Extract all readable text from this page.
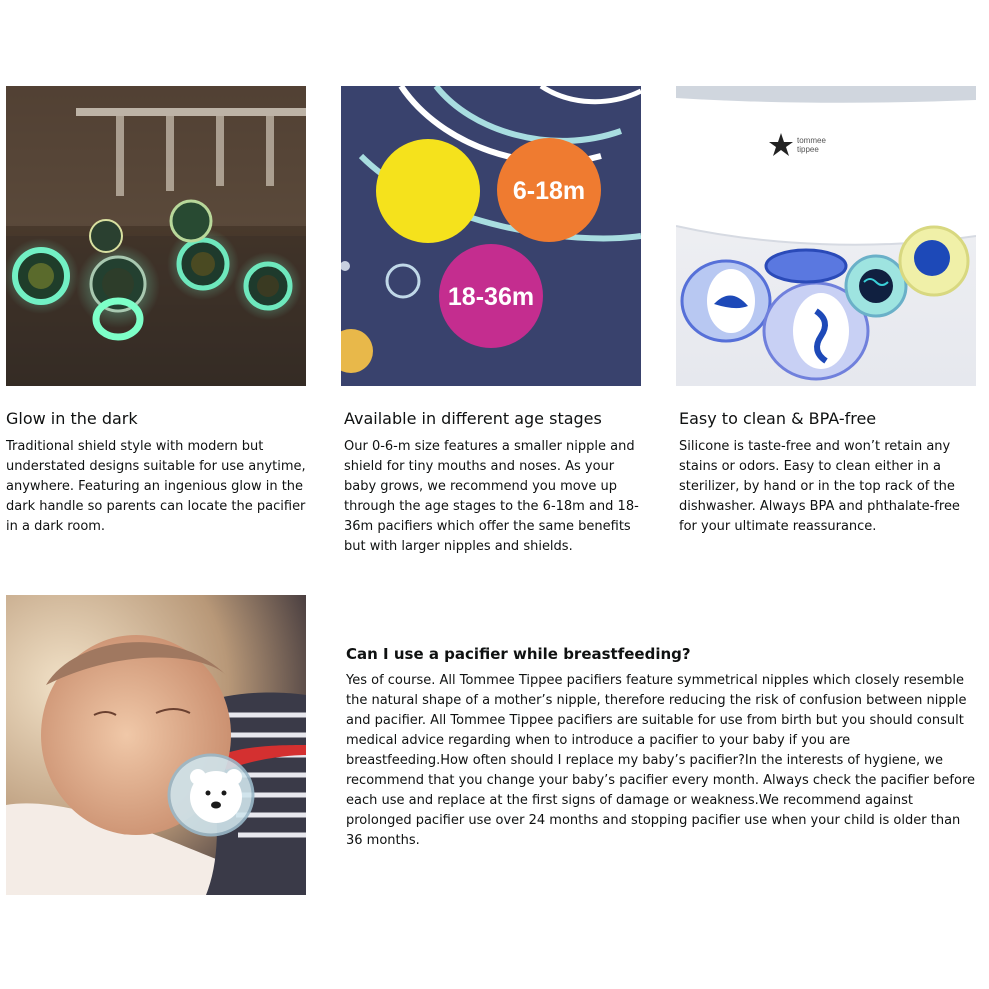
6-18m
18-36m
tommee
tippee
Glow in the dark

Traditional shield style with modern but understated designs suitable for use anytime, anywhere. Featuring an ingenious glow in the dark handle so parents can locate the pacifier in a dark room.

Available in different age stages

Our 0-6-m size features a smaller nipple and shield for tiny mouths and noses. As your baby grows, we recommend you move up through the age stages to the 6-18m and 18-36m pacifiers which offer the same benefits but with larger nipples and shields.

Easy to clean & BPA-free

Silicone is taste-free and won’t retain any stains or odors. Easy to clean either in a sterilizer, by hand or in the top rack of the dishwasher. Always BPA and phthalate-free for your ultimate reassurance.

Can I use a pacifier while breastfeeding?

Yes of course. All Tommee Tippee pacifiers feature symmetrical nipples which closely resemble the natural shape of a mother’s nipple, therefore reducing the risk of confusion between nipple and pacifier. All Tommee Tippee pacifiers are suitable for use from birth but you should consult medical advice regarding when to introduce a pacifier to your baby if you are breastfeeding.How often should I replace my baby’s pacifier?In the interests of hygiene, we recommend that you change your baby’s pacifier every month. Always check the pacifier before each use and replace at the first signs of damage or weakness.We recommend against prolonged pacifier use over 24 months and stopping pacifier use when your child is older than 36 months.
